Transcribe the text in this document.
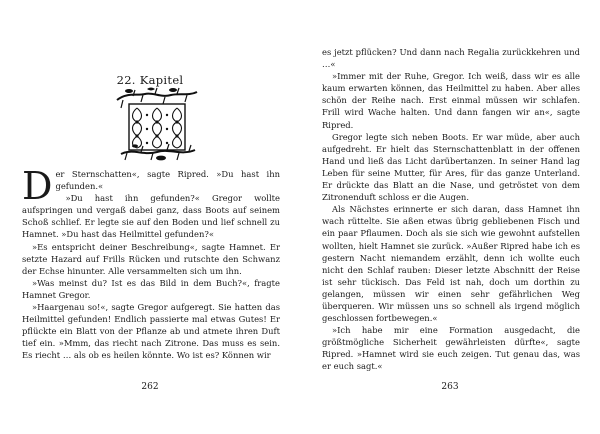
22. Kapitel

Der Sternschatten«, sagte Ripred. »Du hast ihn gefunden.«

»Du hast ihn gefunden?« Gregor wollte aufspringen und vergaß dabei ganz, dass Boots auf seinem Schoß schlief. Er legte sie auf den Boden und lief schnell zu Hamnet. »Du hast das Heilmittel gefunden?«

»Es entspricht deiner Beschreibung«, sagte Hamnet. Er setzte Hazard auf Frills Rücken und rutschte den Schwanz der Echse hinunter. Alle versammelten sich um ihn.

»Was meinst du? Ist es das Bild in dem Buch?«, fragte Hamnet Gregor.

»Haargenau so!«, sagte Gregor aufgeregt. Sie hatten das Heilmittel gefunden! Endlich passierte mal etwas Gutes! Er pflückte ein Blatt von der Pflanze ab und atmete ihren Duft tief ein. »Mmm, das riecht nach Zitrone. Das muss es sein. Es riecht … als ob es heilen könnte. Wo ist es? Können wir

262

es jetzt pflücken? Und dann nach Regalia zurückkehren und …«

»Immer mit der Ruhe, Gregor. Ich weiß, dass wir es alle kaum erwarten können, das Heilmittel zu haben. Aber alles schön der Reihe nach. Erst einmal müssen wir schlafen. Frill wird Wache halten. Und dann fangen wir an«, sagte Ripred.

Gregor legte sich neben Boots. Er war müde, aber auch aufgedreht. Er hielt das Sternschattenblatt in der offenen Hand und ließ das Licht darübertanzen. In seiner Hand lag Leben für seine Mutter, für Ares, für das ganze Unterland. Er drückte das Blatt an die Nase, und getröstet von dem Zitronenduft schloss er die Augen.

Als Nächstes erinnerte er sich daran, dass Hamnet ihn wach rüttelte. Sie aßen etwas übrig gebliebenen Fisch und ein paar Pflaumen. Doch als sie sich wie gewohnt aufstellen wollten, hielt Hamnet sie zurück. »Außer Ripred habe ich es gestern Nacht niemandem erzählt, denn ich wollte euch nicht den Schlaf rauben: Dieser letzte Abschnitt der Reise ist sehr tückisch. Das Feld ist nah, doch um dorthin zu gelangen, müssen wir einen sehr gefährlichen Weg überqueren. Wir müssen uns so schnell als irgend möglich geschlossen fortbewegen.«

»Ich habe mir eine Formation ausgedacht, die größtmögliche Sicherheit gewährleisten dürfte«, sagte Ripred. »Hamnet wird sie euch zeigen. Tut genau das, was er euch sagt.«

263
